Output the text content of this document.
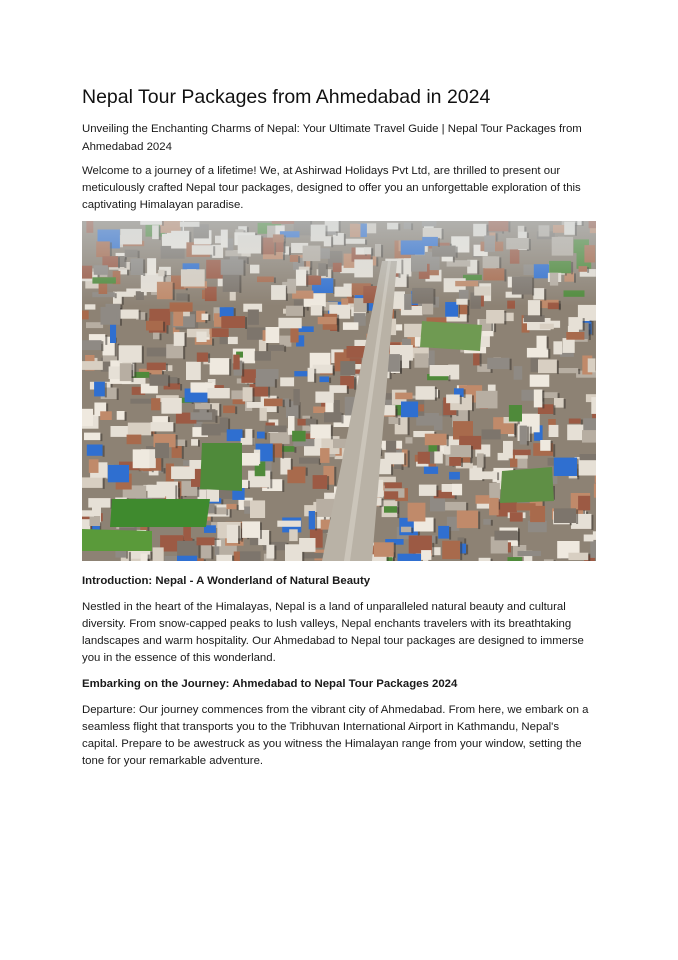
Nepal Tour Packages from Ahmedabad in 2024
Unveiling the Enchanting Charms of Nepal: Your Ultimate Travel Guide | Nepal Tour Packages from Ahmedabad 2024

Welcome to a journey of a lifetime! We, at Ashirwad Holidays Pvt Ltd, are thrilled to present our meticulously crafted Nepal tour packages, designed to offer you an unforgettable exploration of this captivating Himalayan paradise.

Introduction: Nepal - A Wonderland of Natural Beauty

Nestled in the heart of the Himalayas, Nepal is a land of unparalleled natural beauty and cultural diversity. From snow-capped peaks to lush valleys, Nepal enchants travelers with its breathtaking landscapes and warm hospitality. Our Ahmedabad to Nepal tour packages are designed to immerse you in the essence of this wonderland.

Embarking on the Journey: Ahmedabad to Nepal Tour Packages 2024

Departure: Our journey commences from the vibrant city of Ahmedabad. From here, we embark on a seamless flight that transports you to the Tribhuvan International Airport in Kathmandu, Nepal's capital. Prepare to be awestruck as you witness the Himalayan range from your window, setting the tone for your remarkable adventure.
